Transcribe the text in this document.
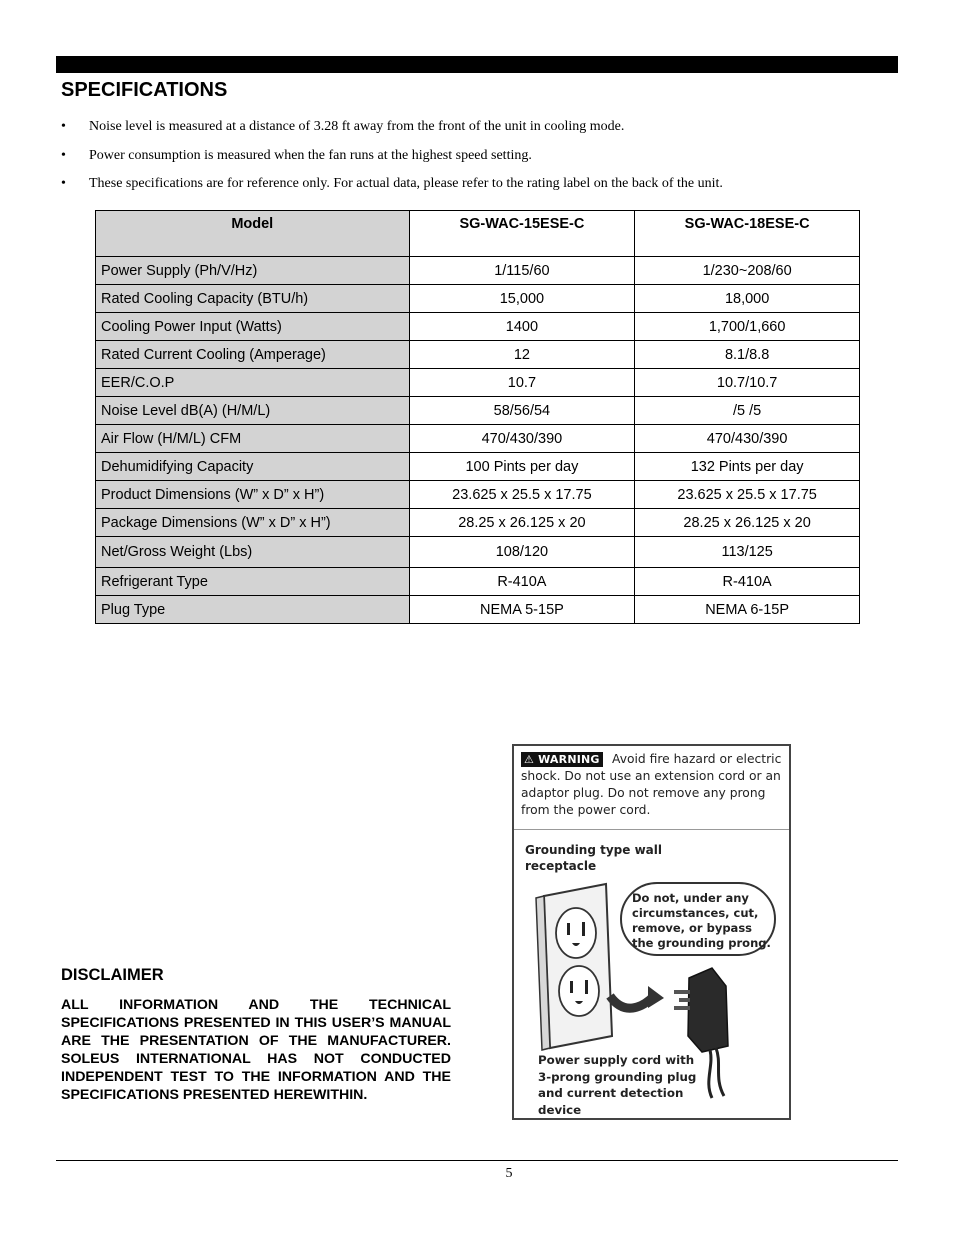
SPECIFICATIONS
• Noise level is measured at a distance of 3.28 ft away from the front of the unit in cooling mode.
• Power consumption is measured when the fan runs at the highest speed setting.
• These specifications are for reference only. For actual data, please refer to the rating label on the back of the unit.
Model	SG-WAC-15ESE-C	SG-WAC-18ESE-C
Power Supply (Ph/V/Hz)	1/115/60	1/230~208/60
Rated Cooling Capacity (BTU/h)	15,000	18,000
Cooling Power Input (Watts)	1400	1,700/1,660
Rated Current Cooling (Amperage)	12	8.1/8.8
EER/C.O.P	10.7	10.7/10.7
Noise Level dB(A) (H/M/L)	58/56/54	/5 /5
Air Flow (H/M/L) CFM	470/430/390	470/430/390
Dehumidifying Capacity	100 Pints per day	132 Pints per day
Product Dimensions (W” x D” x H”)	23.625 x 25.5 x 17.75	23.625 x 25.5 x 17.75
Package Dimensions (W” x D” x H”)	28.25 x 26.125 x 20	28.25 x 26.125 x 20
Net/Gross Weight (Lbs)	108/120	113/125
Refrigerant Type	R-410A	R-410A
Plug Type	NEMA 5-15P	NEMA 6-15P
Avoid fire hazard or electric shock. Do not use an extension cord or an adaptor plug. Do not remove any prong from the power cord.
⚠ WARNING
Grounding type wall receptacle
Do not, under any circumstances, cut, remove, or bypass the grounding prong.
Power supply cord with 3-prong grounding plug and current detection device
DISCLAIMER
ALL INFORMATION AND THE TECHNICAL SPECIFICATIONS PRESENTED IN THIS USER’S MANUAL ARE THE PRESENTATION OF THE MANUFACTURER. SOLEUS INTERNATIONAL HAS NOT CONDUCTED INDEPENDENT TEST TO THE INFORMATION AND THE SPECIFICATIONS PRESENTED HEREWITHIN.
5
